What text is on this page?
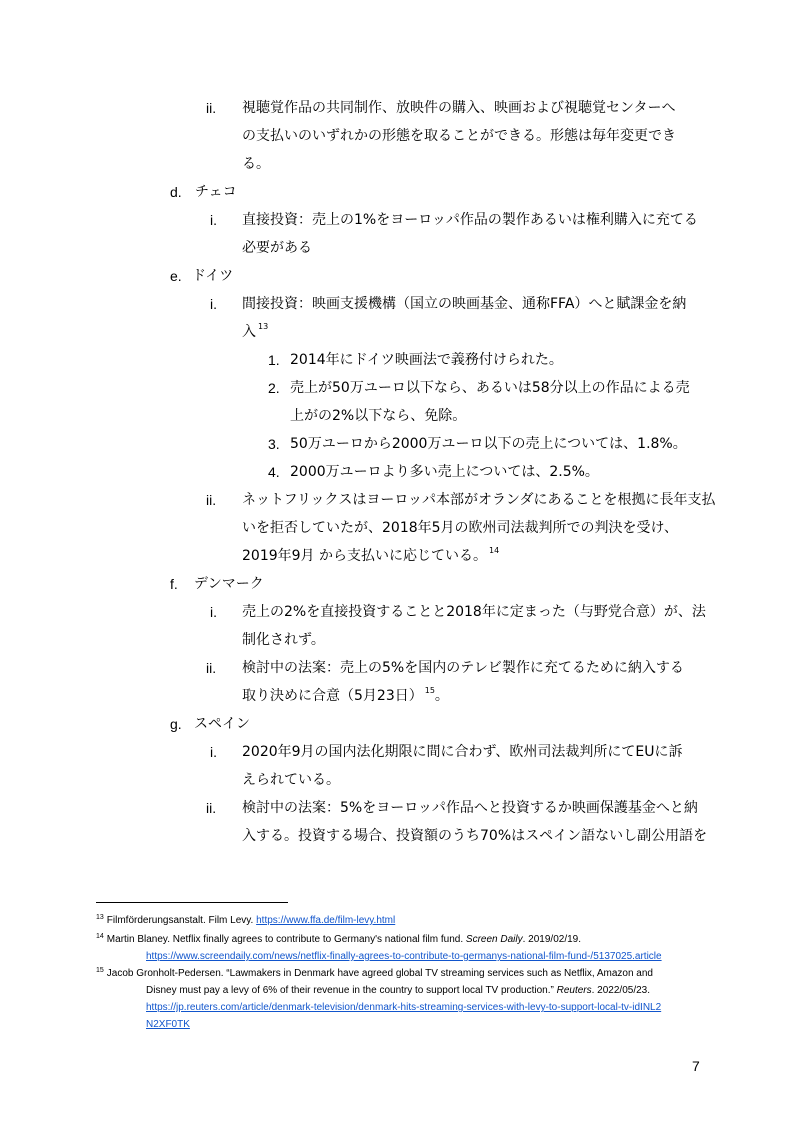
ii. 視聴覚作品の共同制作、放映件の購入、映画および視聴覚センターへ
の支払いのいずれかの形態を取ることができる。形態は毎年変更でき
る。
d. チェコ
i. 直接投資：売上の1%をヨーロッパ作品の製作あるいは権利購入に充てる
必要がある
e. ドイツ
i. 間接投資：映画支援機構（国立の映画基金、通称FFA）へと賦課金を納
入 $^{13}$
1. 2014年にドイツ映画法で義務付けられた。
2. 売上が50万ユーロ以下なら、あるいは58分以上の作品による売
上がの2%以下なら、免除。
3. 50万ユーロから2000万ユーロ以下の売上については、1.8%。
4. 2000万ユーロより多い売上については、2.5%。
ii. ネットフリックスはヨーロッパ本部がオランダにあることを根拠に長年支払
いを拒否していたが、2018年5月の欧州司法裁判所での判決を受け、
2019年9月 から支払いに応じている。 $^{14}$
f. デンマーク
i. 売上の2%を直接投資することと2018年に定まった（与野党合意）が、法
制化されず。
ii. 検討中の法案：売上の5%を国内のテレビ製作に充てるために納入する
取り決めに合意（5月23日） $^{15}$。
g. スペイン
i. 2020年9月の国内法化期限に間に合わず、欧州司法裁判所にてEUに訴
えられている。
ii. 検討中の法案：5%をヨーロッパ作品へと投資するか映画保護基金へと納
入する。投資する場合、投資額のうち70%はスペイン語ないし副公用語を
$^{13}$ Filmförderungsanstalt. Film Levy. https://www.ffa.de/film-levy.html
$^{14}$ Martin Blaney. Netflix finally agrees to contribute to Germany's national film fund. Screen Daily. 2019/02/19.
https://www.screendaily.com/news/netflix-finally-agrees-to-contribute-to-germanys-national-film-fund-/5137025.article
$^{15}$ Jacob Gronholt-Pedersen. “Lawmakers in Denmark have agreed global TV streaming services such as Netflix, Amazon and
Disney must pay a levy of 6% of their revenue in the country to support local TV production.” Reuters. 2022/05/23.
https://jp.reuters.com/article/denmark-television/denmark-hits-streaming-services-with-levy-to-support-local-tv-idINL2
N2XF0TK
7
